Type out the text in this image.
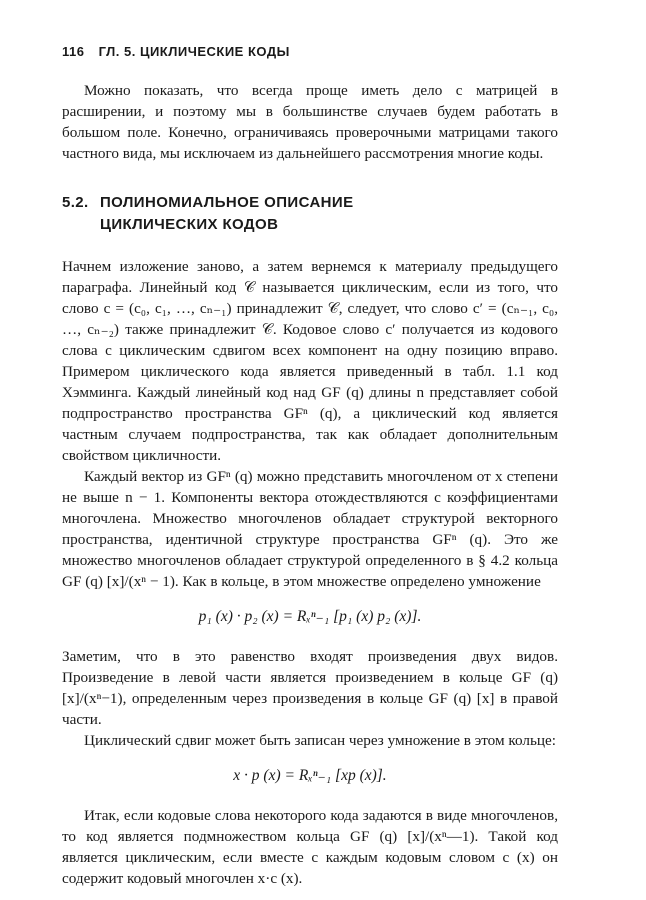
116 ГЛ. 5. ЦИКЛИЧЕСКИЕ КОДЫ

Можно показать, что всегда проще иметь дело с матрицей в расширении, и поэтому мы в большинстве случаев будем работать в большом поле. Конечно, ограничиваясь проверочными матрицами такого частного вида, мы исключаем из дальнейшего рассмотрения многие коды.

5.2. ПОЛИНОМИАЛЬНОЕ ОПИСАНИЕ
ЦИКЛИЧЕСКИХ КОДОВ

Начнем изложение заново, а затем вернемся к материалу предыдущего параграфа. Линейный код 𝒞 называется циклическим, если из того, что слово c = (c₀, c₁, …, cₙ₋₁) принадлежит 𝒞, следует, что слово c′ = (cₙ₋₁, c₀, …, cₙ₋₂) также принадлежит 𝒞. Кодовое слово c′ получается из кодового слова c циклическим сдвигом всех компонент на одну позицию вправо. Примером циклического кода является приведенный в табл. 1.1 код Хэмминга. Каждый линейный код над GF (q) длины n представляет собой подпространство пространства GFⁿ (q), а циклический код является частным случаем подпространства, так как обладает дополнительным свойством цикличности.

Каждый вектор из GFⁿ (q) можно представить многочленом от x степени не выше n − 1. Компоненты вектора отождествляются с коэффициентами многочлена. Множество многочленов обладает структурой векторного пространства, идентичной структуре пространства GFⁿ (q). Это же множество многочленов обладает структурой определенного в § 4.2 кольца GF (q) [x]/(xⁿ − 1). Как в кольце, в этом множестве определено умножение

p₁ (x) · p₂ (x) = Rₓⁿ₋₁ [p₁ (x) p₂ (x)].

Заметим, что в это равенство входят произведения двух видов. Произведение в левой части является произведением в кольце GF (q) [x]/(xⁿ−1), определенным через произведения в кольце GF (q) [x] в правой части.

Циклический сдвиг может быть записан через умножение в этом кольце:

x · p (x) = Rₓⁿ₋₁ [xp (x)].

Итак, если кодовые слова некоторого кода задаются в виде многочленов, то код является подмножеством кольца GF (q) [x]/(xⁿ—1). Такой код является циклическим, если вместе с каждым кодовым словом c (x) он содержит кодовый многочлен x·c (x).
